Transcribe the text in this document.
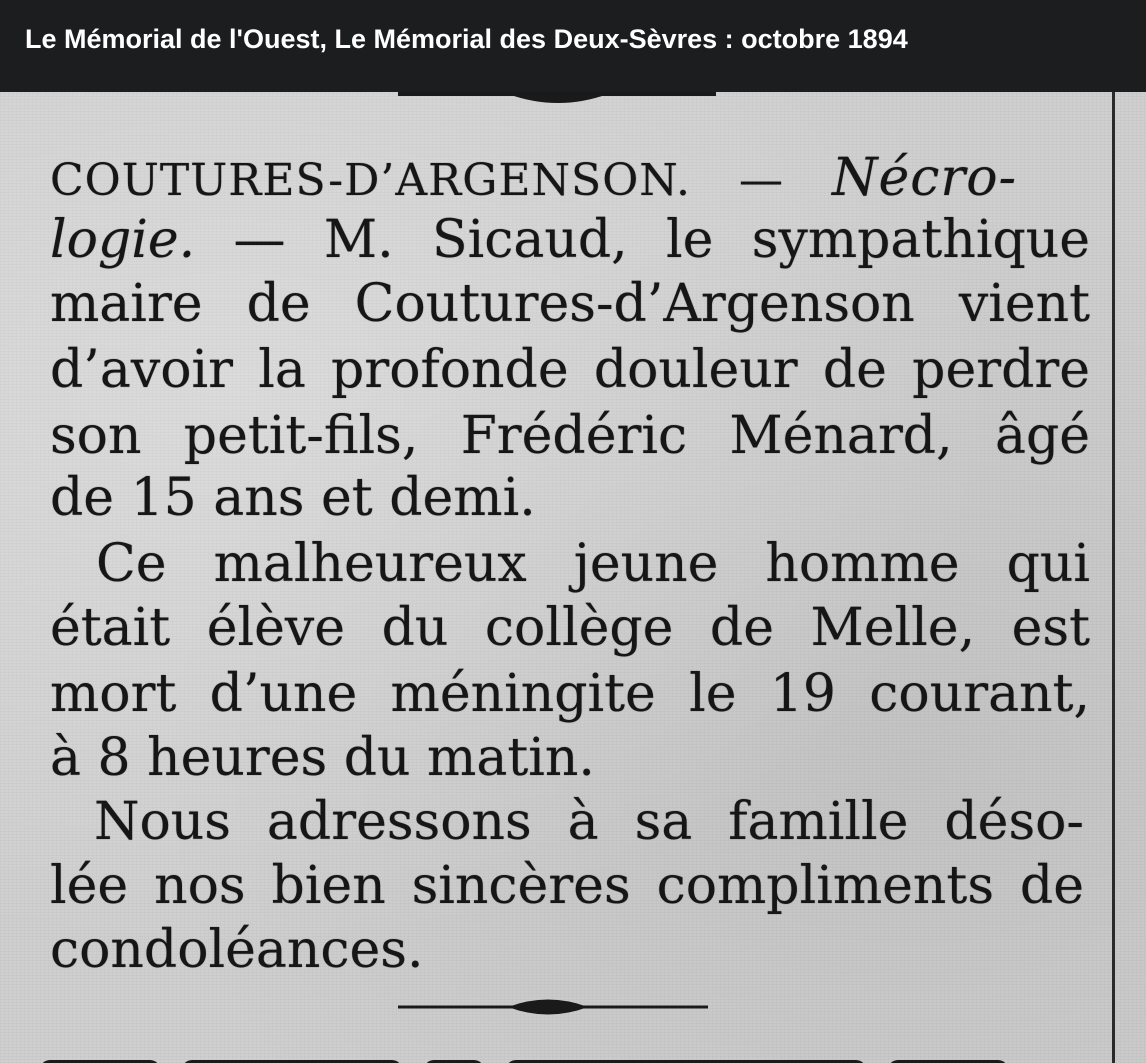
Le Mémorial de l'Ouest, Le Mémorial des Deux-Sèvres : octobre 1894
COUTURES-D’ARGENSON. — Nécro-
logie. — M. Sicaud, le sympathique
maire de Coutures-d’Argenson vient
d’avoir la profonde douleur de perdre
son petit-fils, Frédéric Ménard, âgé
de 15 ans et demi.
Ce malheureux jeune homme qui
était élève du collège de Melle, est
mort d’une méningite le 19 courant,
à 8 heures du matin.
Nous adressons à sa famille déso-
lée nos bien sincères compliments de
condoléances.
